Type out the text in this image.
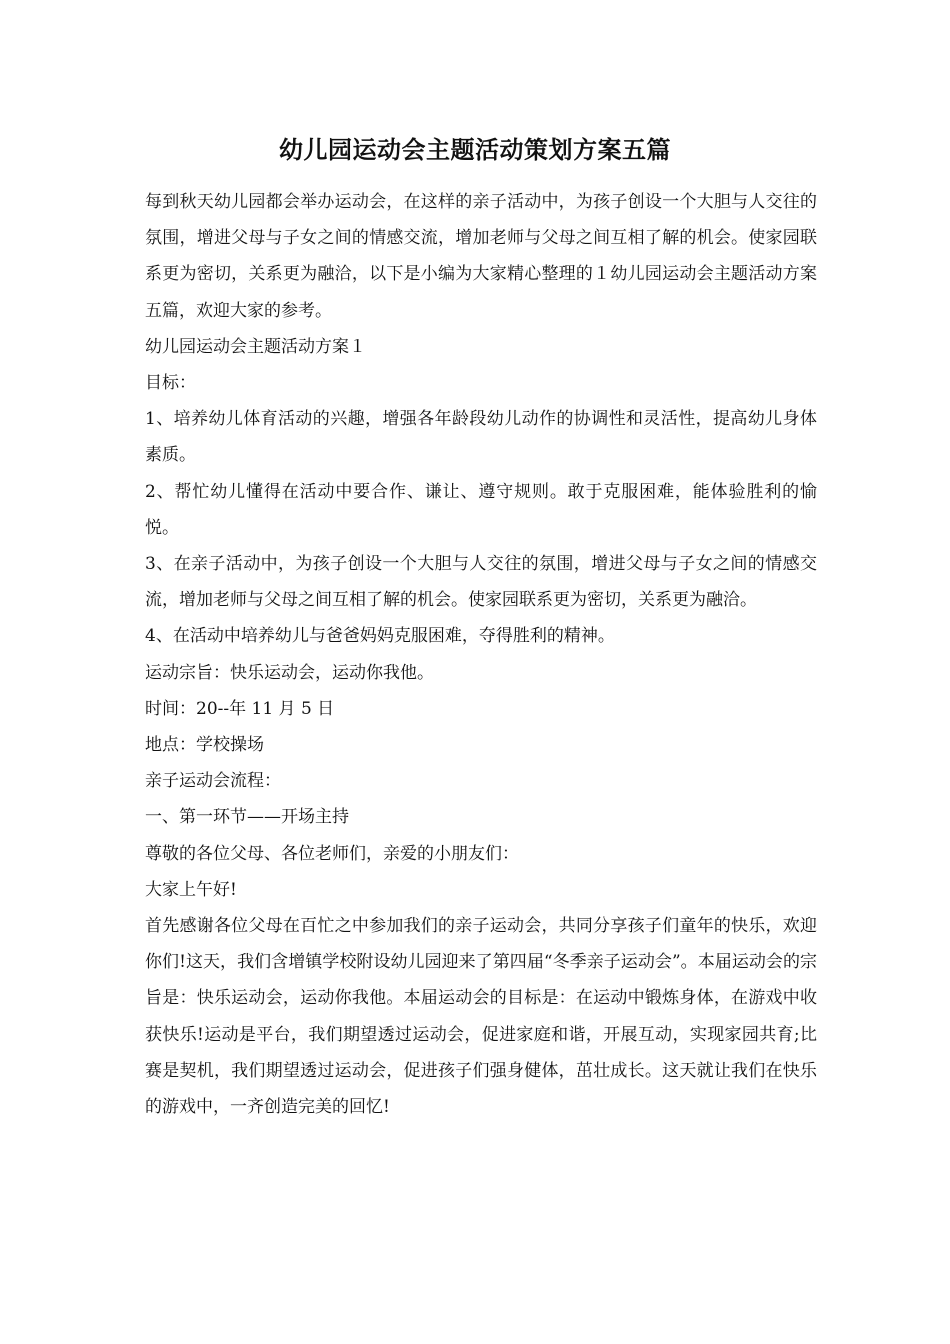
幼儿园运动会主题活动策划方案五篇

每到秋天幼儿园都会举办运动会，在这样的亲子活动中，为孩子创设一个大胆与人交往的氛围，增进父母与子女之间的情感交流，增加老师与父母之间互相了解的机会。使家园联系更为密切，关系更为融洽，以下是小编为大家精心整理的１幼儿园运动会主题活动方案五篇，欢迎大家的参考。

幼儿园运动会主题活动方案１

目标：

1、培养幼儿体育活动的兴趣，增强各年龄段幼儿动作的协调性和灵活性，提高幼儿身体素质。

2、帮忙幼儿懂得在活动中要合作、谦让、遵守规则。敢于克服困难，能体验胜利的愉悦。

3、在亲子活动中，为孩子创设一个大胆与人交往的氛围，增进父母与子女之间的情感交流，增加老师与父母之间互相了解的机会。使家园联系更为密切，关系更为融洽。

4、在活动中培养幼儿与爸爸妈妈克服困难，夺得胜利的精神。

运动宗旨：快乐运动会，运动你我他。

时间：20--年 11 月 5 日

地点：学校操场

亲子运动会流程：

一、第一环节——开场主持

尊敬的各位父母、各位老师们，亲爱的小朋友们：

大家上午好!

首先感谢各位父母在百忙之中参加我们的亲子运动会，共同分享孩子们童年的快乐，欢迎你们!这天，我们含增镇学校附设幼儿园迎来了第四届“冬季亲子运动会”。本届运动会的宗旨是：快乐运动会，运动你我他。本届运动会的目标是：在运动中锻炼身体，在游戏中收获快乐!运动是平台，我们期望透过运动会，促进家庭和谐，开展互动，实现家园共育;比赛是契机，我们期望透过运动会，促进孩子们强身健体，茁壮成长。这天就让我们在快乐的游戏中，一齐创造完美的回忆!
